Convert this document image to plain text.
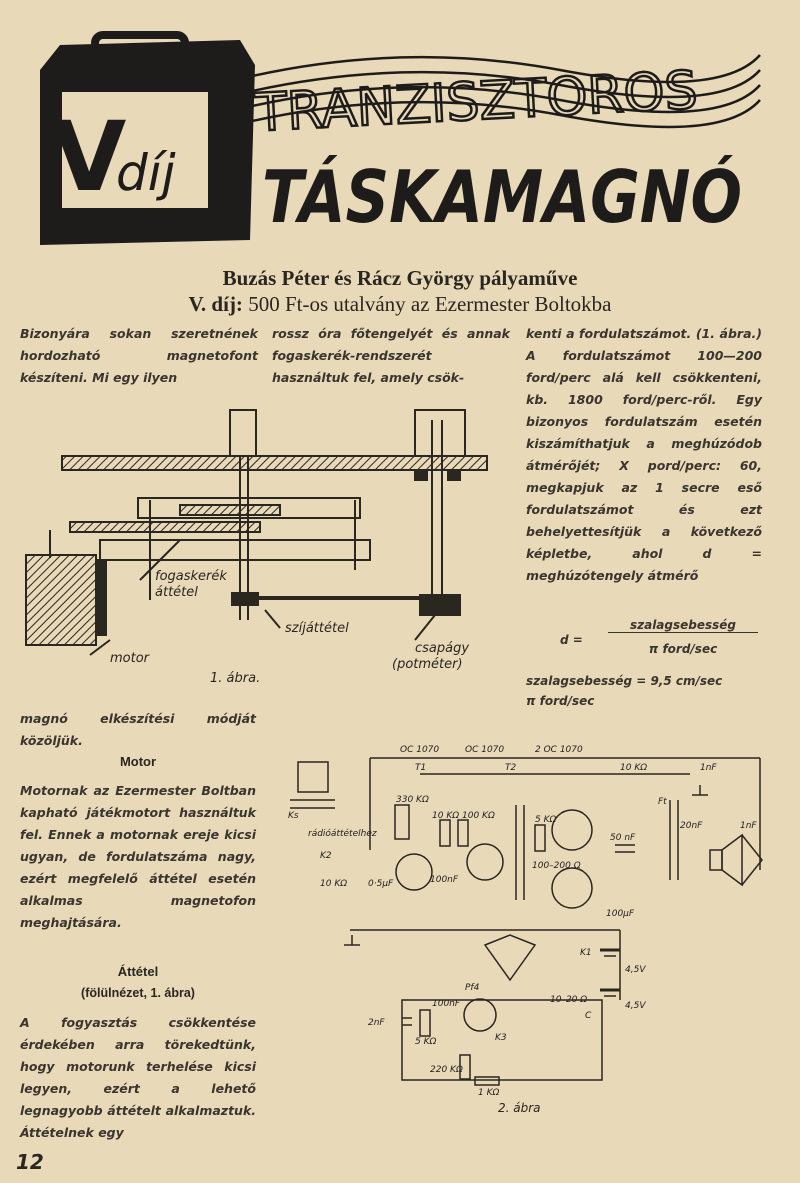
V
díj
TRANZISZTOROS
TÁSKAMAGNÓ
Buzás Péter és Rácz György pályaműve
V. díj: 500 Ft-os utalvány az Ezermester Boltokba
Bizonyára sokan szeretnének hordozható magnetofont készíteni. Mi egy ilyen
rossz óra főtengelyét és annak fogaskerék-rendszerét használtuk fel, amely csök-
kenti a fordulatszámot. (1. ábra.) A fordulatszámot 100—200 ford/perc alá kell csökkenteni, kb. 1800 ford/perc-ről. Egy bizonyos fordulatszám esetén kiszámíthatjuk a meghúzódob átmérőjét; X pord/perc: 60, megkapjuk az 1 secre eső fordulatszámot és ezt behelyettesítjük a következő képletbe, ahol d = meghúzótengely átmérő
d =
szalagsebesség
π ford/sec
szalagsebesség = 9,5 cm/sec
π ford/sec
fogaskerék
áttétel
szíjáttétel
csapágy
(potméter)
motor
1. ábra.
magnó elkészítési módját közöljük.
Motor
Motornak az Ezermester Boltban kapható játékmotort használtuk fel. Ennek a motornak ereje kicsi ugyan, de fordulatszáma nagy, ezért megfelelő áttétel esetén alkalmas magnetofon meghajtására.
Áttétel
(fölülnézet, 1. ábra)
A fogyasztás csökkentése érdekében arra törekedtünk, hogy motorunk terhelése kicsi legyen, ezért a lehető legnagyobb áttételt alkalmaztuk. Áttételnek egy
OC 1070	OC 1070	2 OC 1070
T1	T2	10 KΩ	1nF
Ft
20nF	1nF
Ks
rádióáttételhez
K2
330 KΩ
10 KΩ 100 KΩ	5 KΩ
100–200 Ω
50 nF
10 KΩ 0·5μF	100nF
100μF
Pf4
4,5V
4,5V
10–20 Ω
2nF
100nF
5 KΩ
220 KΩ
1 KΩ
K1
K3
C
2. ábra
12
